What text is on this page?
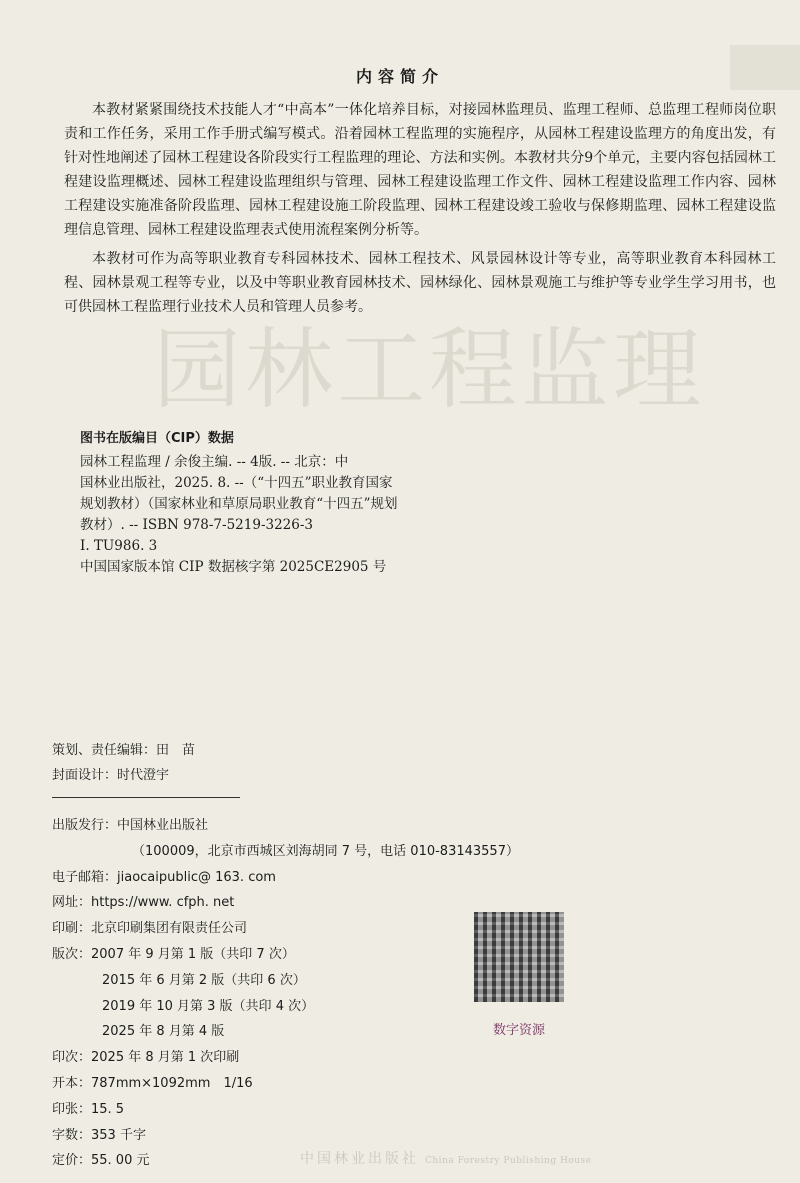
园林工程监理
内容简介

本教材紧紧围绕技术技能人才“中高本”一体化培养目标，对接园林监理员、监理工程师、总监理工程师岗位职责和工作任务，采用工作手册式编写模式。沿着园林工程监理的实施程序，从园林工程建设监理方的角度出发，有针对性地阐述了园林工程建设各阶段实行工程监理的理论、方法和实例。本教材共分9个单元，主要内容包括园林工程建设监理概述、园林工程建设监理组织与管理、园林工程建设监理工作文件、园林工程建设监理工作内容、园林工程建设实施准备阶段监理、园林工程建设施工阶段监理、园林工程建设竣工验收与保修期监理、园林工程建设监理信息管理、园林工程建设监理表式使用流程案例分析等。

本教材可作为高等职业教育专科园林技术、园林工程技术、风景园林设计等专业，高等职业教育本科园林工程、园林景观工程等专业，以及中等职业教育园林技术、园林绿化、园林景观施工与维护等专业学生学习用书，也可供园林工程监理行业技术人员和管理人员参考。

图书在版编目（CIP）数据
园林工程监理 / 余俊主编. -- 4版. -- 北京：中
国林业出版社，2025. 8. --（“十四五”职业教育国家
规划教材）（国家林业和草原局职业教育“十四五”规划
教材）. -- ISBN 978-7-5219-3226-3
Ⅰ. TU986. 3
中国国家版本馆 CIP 数据核字第 2025CE2905 号
策划、责任编辑：田　苗
封面设计：时代澄宇
出版发行：中国林业出版社
（100009，北京市西城区刘海胡同 7 号，电话 010-83143557）
电子邮箱：jiaocaipublic@ 163. com
网址：https://www. cfph. net
印刷：北京印刷集团有限责任公司
版次：2007 年 9 月第 1 版（共印 7 次）
2015 年 6 月第 2 版（共印 6 次）
2019 年 10 月第 3 版（共印 4 次）
2025 年 8 月第 4 版
印次：2025 年 8 月第 1 次印刷
开本：787mm×1092mm　1/16
印张：15. 5
字数：353 千字
定价：55. 00 元
数字资源
中国林业出版社 China Forestry Publishing House
